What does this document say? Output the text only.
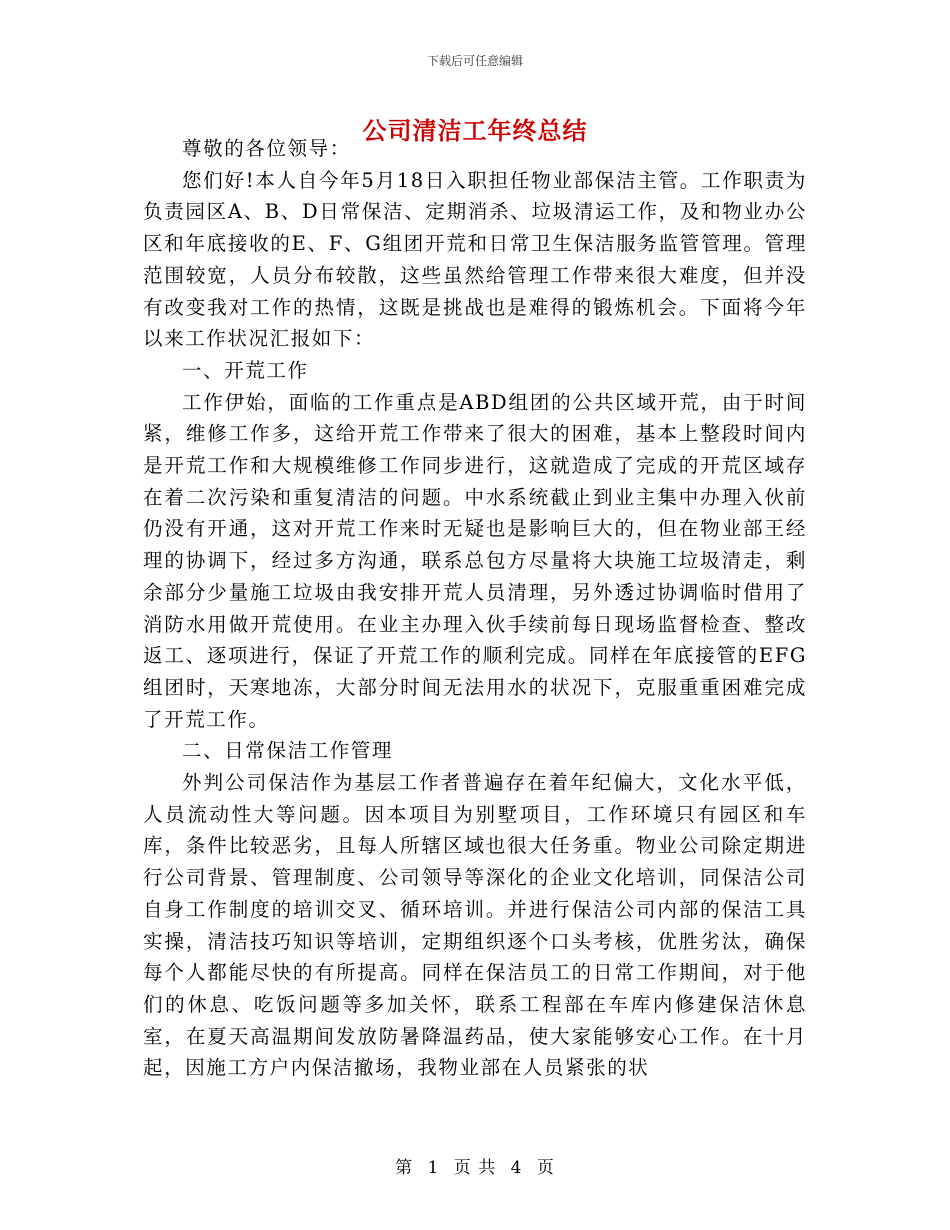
下载后可任意编辑
公司清洁工年终总结

尊敬的各位领导：

您们好!本人自今年5月18日入职担任物业部保洁主管。工作职责为负责园区A、B、D日常保洁、定期消杀、垃圾清运工作，及和物业办公区和年底接收的E、F、G组团开荒和日常卫生保洁服务监管管理。管理范围较宽，人员分布较散，这些虽然给管理工作带来很大难度，但并没有改变我对工作的热情，这既是挑战也是难得的锻炼机会。下面将今年以来工作状况汇报如下：

一、开荒工作

工作伊始，面临的工作重点是ABD组团的公共区域开荒，由于时间紧，维修工作多，这给开荒工作带来了很大的困难，基本上整段时间内是开荒工作和大规模维修工作同步进行，这就造成了完成的开荒区域存在着二次污染和重复清洁的问题。中水系统截止到业主集中办理入伙前仍没有开通，这对开荒工作来时无疑也是影响巨大的，但在物业部王经理的协调下，经过多方沟通，联系总包方尽量将大块施工垃圾清走，剩余部分少量施工垃圾由我安排开荒人员清理，另外透过协调临时借用了消防水用做开荒使用。在业主办理入伙手续前每日现场监督检查、整改返工、逐项进行，保证了开荒工作的顺利完成。同样在年底接管的EFG组团时，天寒地冻，大部分时间无法用水的状况下，克服重重困难完成了开荒工作。

二、日常保洁工作管理

外判公司保洁作为基层工作者普遍存在着年纪偏大，文化水平低，人员流动性大等问题。因本项目为别墅项目，工作环境只有园区和车库，条件比较恶劣，且每人所辖区域也很大任务重。物业公司除定期进行公司背景、管理制度、公司领导等深化的企业文化培训，同保洁公司自身工作制度的培训交叉、循环培训。并进行保洁公司内部的保洁工具实操，清洁技巧知识等培训，定期组织逐个口头考核，优胜劣汰，确保每个人都能尽快的有所提高。同样在保洁员工的日常工作期间，对于他们的休息、吃饭问题等多加关怀，联系工程部在车库内修建保洁休息室，在夏天高温期间发放防暑降温药品，使大家能够安心工作。在十月起，因施工方户内保洁撤场，我物业部在人员紧张的状

第 1 页 共 4 页
